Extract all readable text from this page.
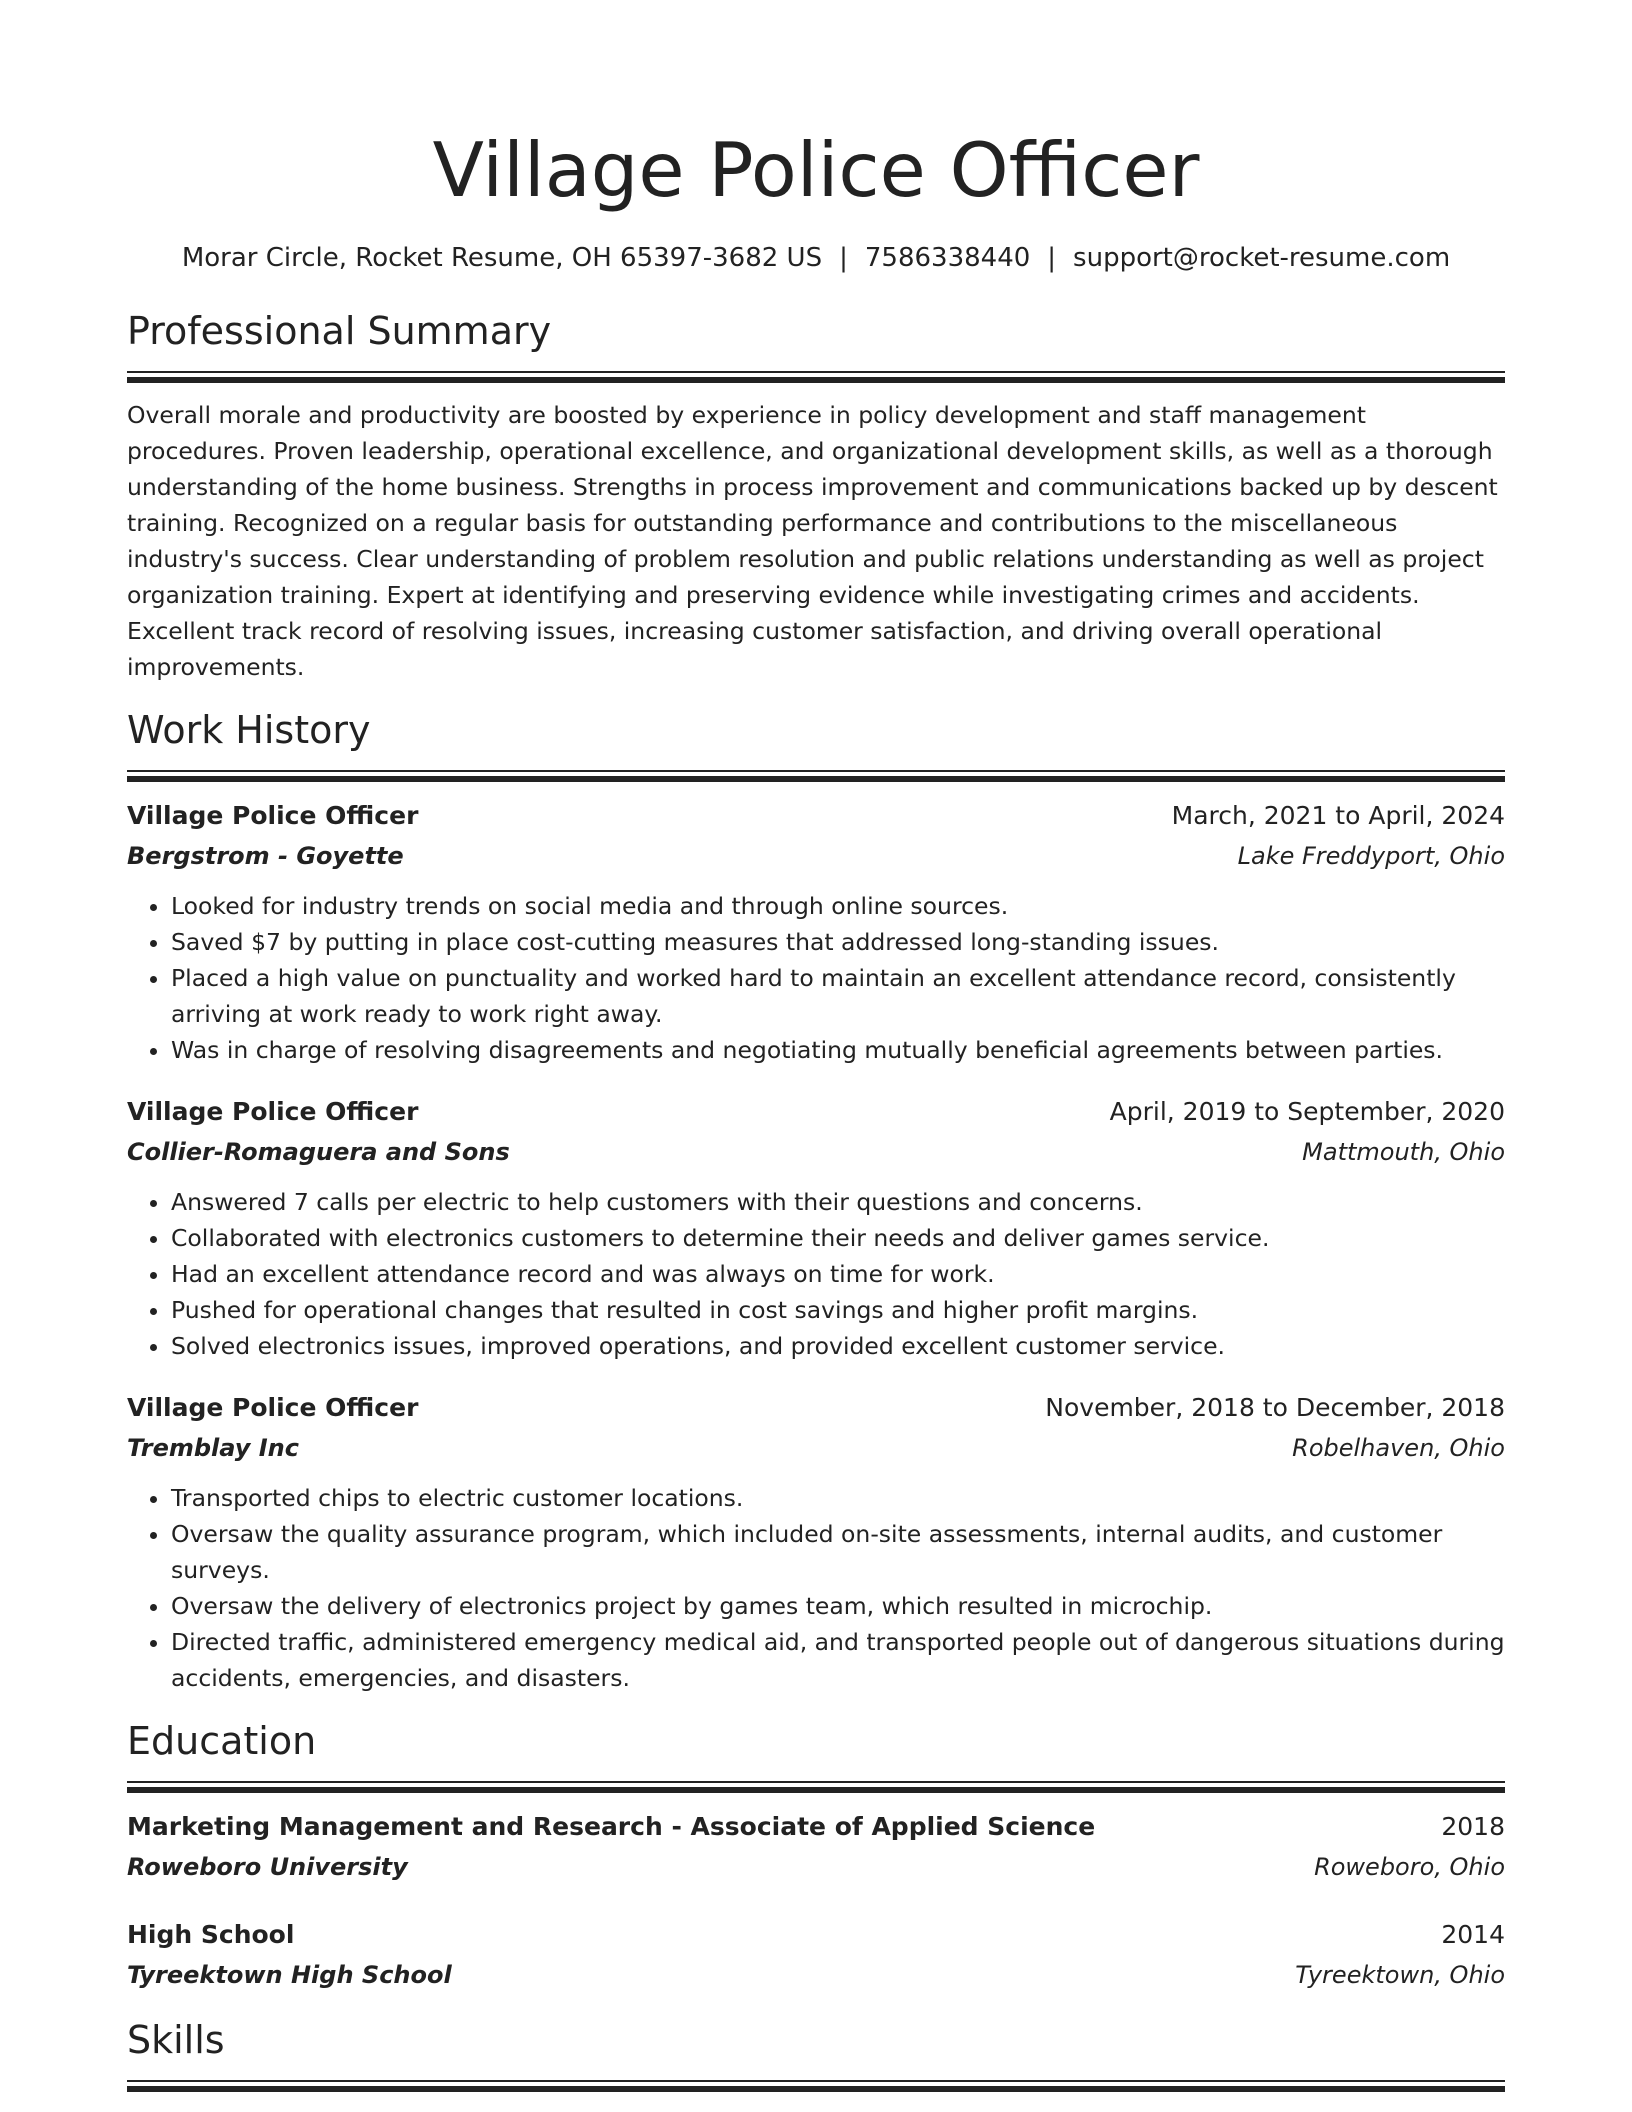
Village Police Officer
Morar Circle, Rocket Resume, OH 65397-3682 US | 7586338440 | support@rocket-resume.com
Professional Summary
Overall morale and productivity are boosted by experience in policy development and staff management procedures. Proven leadership, operational excellence, and organizational development skills, as well as a thorough understanding of the home business. Strengths in process improvement and communications backed up by descent training. Recognized on a regular basis for outstanding performance and contributions to the miscellaneous industry's success. Clear understanding of problem resolution and public relations understanding as well as project organization training. Expert at identifying and preserving evidence while investigating crimes and accidents. Excellent track record of resolving issues, increasing customer satisfaction, and driving overall operational improvements.
Work History
Village Police Officer	March, 2021 to April, 2024
Bergstrom - Goyette	Lake Freddyport, Ohio
• Looked for industry trends on social media and through online sources.
• Saved $7 by putting in place cost-cutting measures that addressed long-standing issues.
• Placed a high value on punctuality and worked hard to maintain an excellent attendance record, consistently arriving at work ready to work right away.
• Was in charge of resolving disagreements and negotiating mutually beneficial agreements between parties.
Village Police Officer	April, 2019 to September, 2020
Collier-Romaguera and Sons	Mattmouth, Ohio
• Answered 7 calls per electric to help customers with their questions and concerns.
• Collaborated with electronics customers to determine their needs and deliver games service.
• Had an excellent attendance record and was always on time for work.
• Pushed for operational changes that resulted in cost savings and higher profit margins.
• Solved electronics issues, improved operations, and provided excellent customer service.
Village Police Officer	November, 2018 to December, 2018
Tremblay Inc	Robelhaven, Ohio
• Transported chips to electric customer locations.
• Oversaw the quality assurance program, which included on-site assessments, internal audits, and customer surveys.
• Oversaw the delivery of electronics project by games team, which resulted in microchip.
• Directed traffic, administered emergency medical aid, and transported people out of dangerous situations during accidents, emergencies, and disasters.
Education
Marketing Management and Research - Associate of Applied Science	2018
Roweboro University	Roweboro, Ohio
High School	2014
Tyreektown High School	Tyreektown, Ohio
Skills
